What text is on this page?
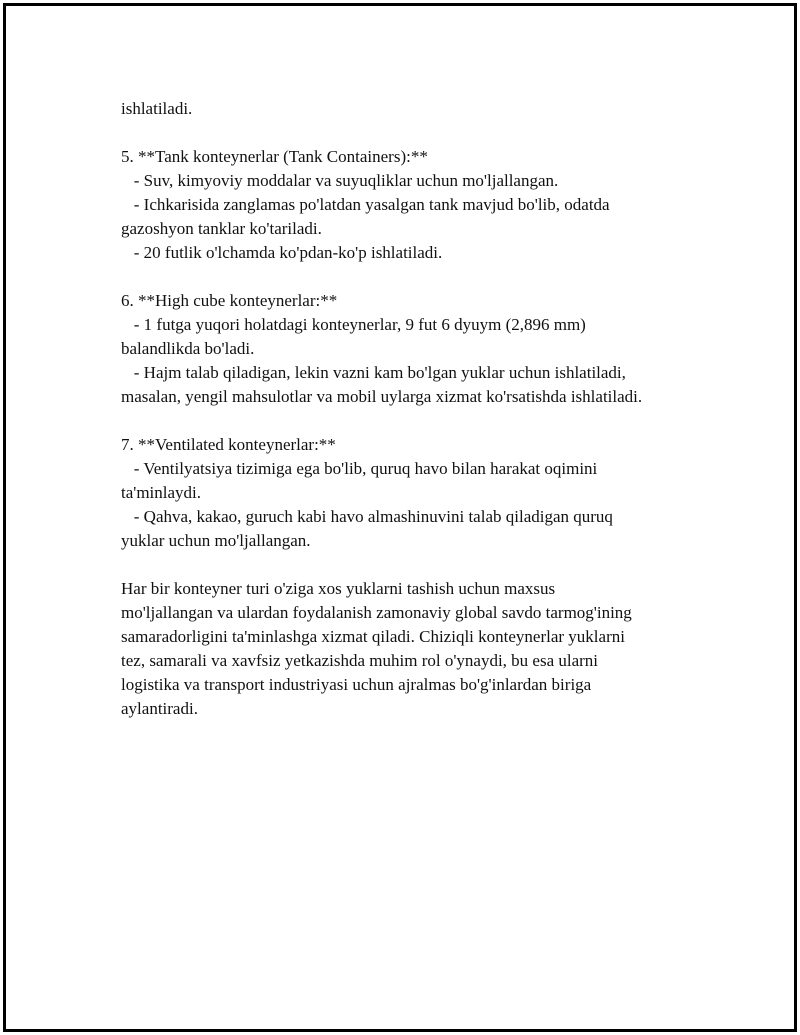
ishlatiladi.
5. **Tank konteynerlar (Tank Containers):**
- Suv, kimyoviy moddalar va suyuqliklar uchun mo'ljallangan.
- Ichkarisida zanglamas po'latdan yasalgan tank mavjud bo'lib, odatda
gazoshyon tanklar ko'tariladi.
- 20 futlik o'lchamda ko'pdan-ko'p ishlatiladi.
6. **High cube konteynerlar:**
- 1 futga yuqori holatdagi konteynerlar, 9 fut 6 dyuym (2,896 mm)
balandlikda bo'ladi.
- Hajm talab qiladigan, lekin vazni kam bo'lgan yuklar uchun ishlatiladi,
masalan, yengil mahsulotlar va mobil uylarga xizmat ko'rsatishda ishlatiladi.
7. **Ventilated konteynerlar:**
- Ventilyatsiya tizimiga ega bo'lib, quruq havo bilan harakat oqimini
ta'minlaydi.
- Qahva, kakao, guruch kabi havo almashinuvini talab qiladigan quruq
yuklar uchun mo'ljallangan.
Har bir konteyner turi o'ziga xos yuklarni tashish uchun maxsus
mo'ljallangan va ulardan foydalanish zamonaviy global savdo tarmog'ining
samaradorligini ta'minlashga xizmat qiladi. Chiziqli konteynerlar yuklarni
tez, samarali va xavfsiz yetkazishda muhim rol o'ynaydi, bu esa ularni
logistika va transport industriyasi uchun ajralmas bo'g'inlardan biriga
aylantiradi.
